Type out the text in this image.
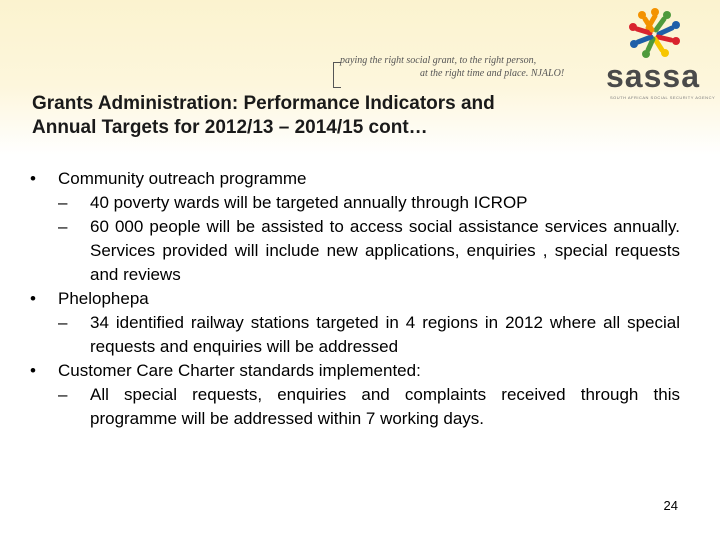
paying the right social grant, to the right person,
at the right time and place. NJALO!	sassa
SOUTH AFRICAN SOCIAL SECURITY AGENCY
Grants Administration: Performance Indicators and
Annual Targets for 2012/13 – 2014/15 cont…
• Community outreach programme
– 40 poverty wards will be targeted annually through ICROP
– 60 000 people will be assisted to access social assistance services annually. Services provided will include new applications, enquiries , special requests and reviews
• Phelophepa
– 34 identified railway stations targeted in 4 regions in 2012 where all special requests and enquiries will be addressed
• Customer Care Charter standards implemented:
– All special requests, enquiries and complaints received through this programme will be addressed within 7 working days.
24
